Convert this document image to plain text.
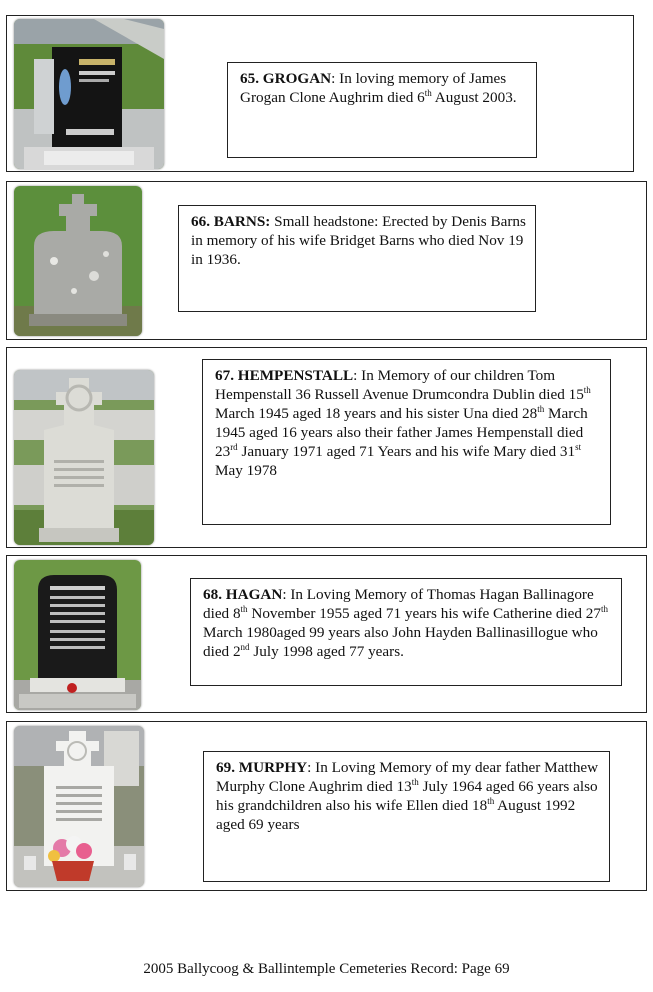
65. GROGAN: In loving memory of James Grogan Clone Aughrim died 6th August 2003.
66. BARNS: Small headstone: Erected by Denis Barns in memory of his wife Bridget Barns who died Nov 19 in 1936.
67. HEMPENSTALL: In Memory of our children Tom Hempenstall 36 Russell Avenue Drumcondra Dublin died 15th March 1945 aged 18 years and his sister Una died 28th March 1945 aged 16 years also their father James Hempenstall died 23rd January 1971 aged 71 Years and his wife Mary died 31st May 1978
68. HAGAN: In Loving Memory of Thomas Hagan Ballinagore died 8th November 1955 aged 71 years his wife Catherine died 27th March 1980aged 99 years also John Hayden Ballinasillogue who died 2nd July 1998 aged 77 years.
69. MURPHY: In Loving Memory of my dear father Matthew Murphy Clone Aughrim died 13th July 1964 aged 66 years also his grandchildren also his wife Ellen died 18th August 1992 aged 69 years
2005 Ballycoog & Ballintemple Cemeteries Record: Page 69
